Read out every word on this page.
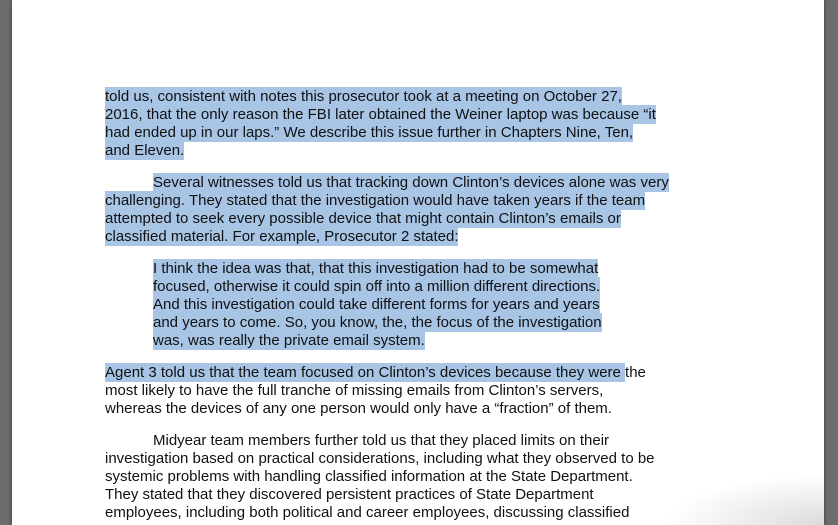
told us, consistent with notes this prosecutor took at a meeting on October 27,
2016, that the only reason the FBI later obtained the Weiner laptop was because “it
had ended up in our laps.” We describe this issue further in Chapters Nine, Ten,
and Eleven.
Several witnesses told us that tracking down Clinton’s devices alone was very
challenging. They stated that the investigation would have taken years if the team
attempted to seek every possible device that might contain Clinton’s emails or
classified material. For example, Prosecutor 2 stated:
I think the idea was that, that this investigation had to be somewhat
focused, otherwise it could spin off into a million different directions.
And this investigation could take different forms for years and years
and years to come. So, you know, the, the focus of the investigation
was, was really the private email system.
Agent 3 told us that the team focused on Clinton’s devices because they were the
most likely to have the full tranche of missing emails from Clinton’s servers,
whereas the devices of any one person would only have a “fraction” of them.
Midyear team members further told us that they placed limits on their
investigation based on practical considerations, including what they observed to be
systemic problems with handling classified information at the State Department.
They stated that they discovered persistent practices of State Department
employees, including both political and career employees, discussing classified
